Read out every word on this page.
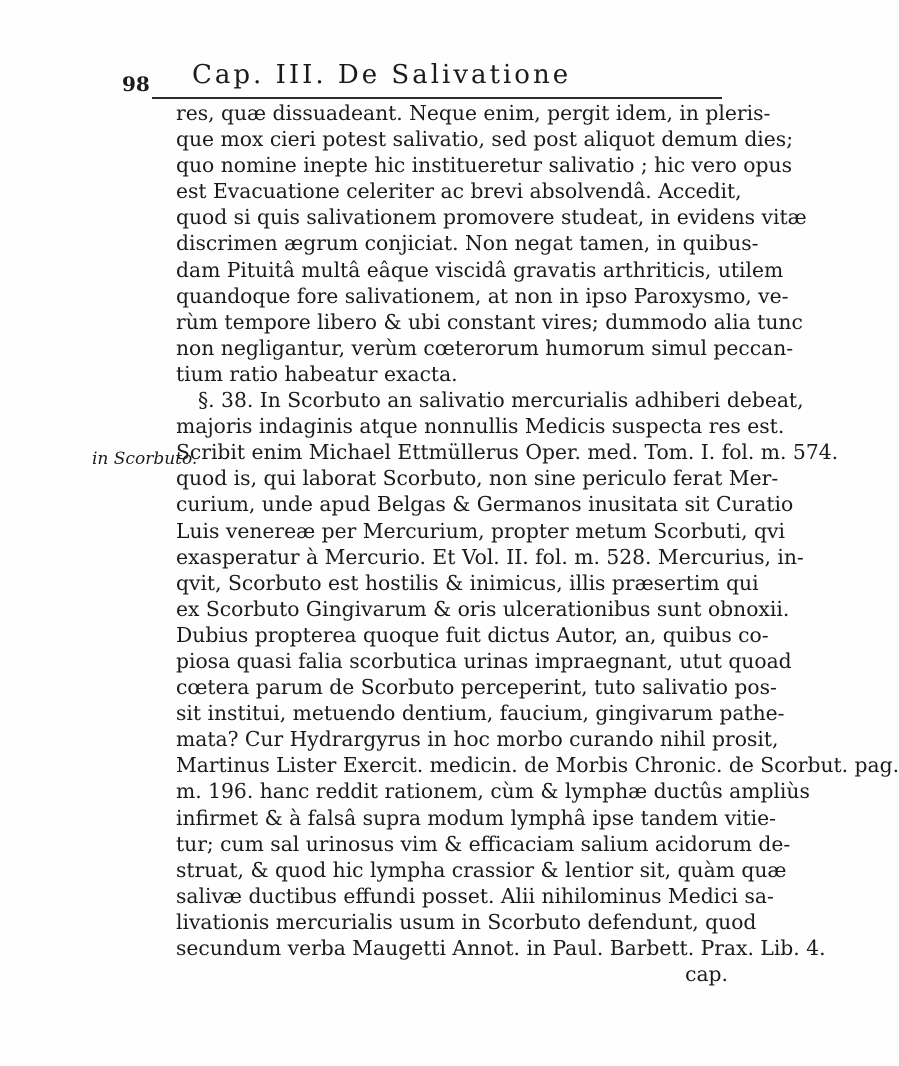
98 Cap. III. De Salivatione
in Scorbuto.
res, quæ dissuadeant. Neque enim, pergit idem, in pleris-
que mox cieri potest salivatio, sed post aliquot demum dies;
quo nomine inepte hic institueretur salivatio ; hic vero opus
est Evacuatione celeriter ac brevi absolvendâ. Accedit,
quod si quis salivationem promovere studeat, in evidens vitæ
discrimen ægrum conjiciat. Non negat tamen, in quibus-
dam Pituitâ multâ eâque viscidâ gravatis arthriticis, utilem
quandoque fore salivationem, at non in ipso Paroxysmo, ve-
rùm tempore libero & ubi constant vires; dummodo alia tunc
non negligantur, verùm cœterorum humorum simul peccan-
tium ratio habeatur exacta.
§. 38. In Scorbuto an salivatio mercurialis adhiberi debeat,
majoris indaginis atque nonnullis Medicis suspecta res est.
Scribit enim Michael Ettmüllerus Oper. med. Tom. I. fol. m. 574.
quod is, qui laborat Scorbuto, non sine periculo ferat Mer-
curium, unde apud Belgas & Germanos inusitata sit Curatio
Luis venereæ per Mercurium, propter metum Scorbuti, qvi
exasperatur à Mercurio. Et Vol. II. fol. m. 528. Mercurius, in-
qvit, Scorbuto est hostilis & inimicus, illis præsertim qui
ex Scorbuto Gingivarum & oris ulcerationibus sunt obnoxii.
Dubius propterea quoque fuit dictus Autor, an, quibus co-
piosa quasi falia scorbutica urinas impraegnant, utut quoad
cœtera parum de Scorbuto perceperint, tuto salivatio pos-
sit institui, metuendo dentium, faucium, gingivarum pathe-
mata? Cur Hydrargyrus in hoc morbo curando nihil prosit,
Martinus Lister Exercit. medicin. de Morbis Chronic. de Scorbut. pag.
m. 196. hanc reddit rationem, cùm & lymphæ ductûs ampliùs
infirmet & à falsâ supra modum lymphâ ipse tandem vitie-
tur; cum sal urinosus vim & efficaciam salium acidorum de-
struat, & quod hic lympha crassior & lentior sit, quàm quæ
salivæ ductibus effundi posset. Alii nihilominus Medici sa-
livationis mercurialis usum in Scorbuto defendunt, quod
secundum verba Maugetti Annot. in Paul. Barbett. Prax. Lib. 4.
cap.
